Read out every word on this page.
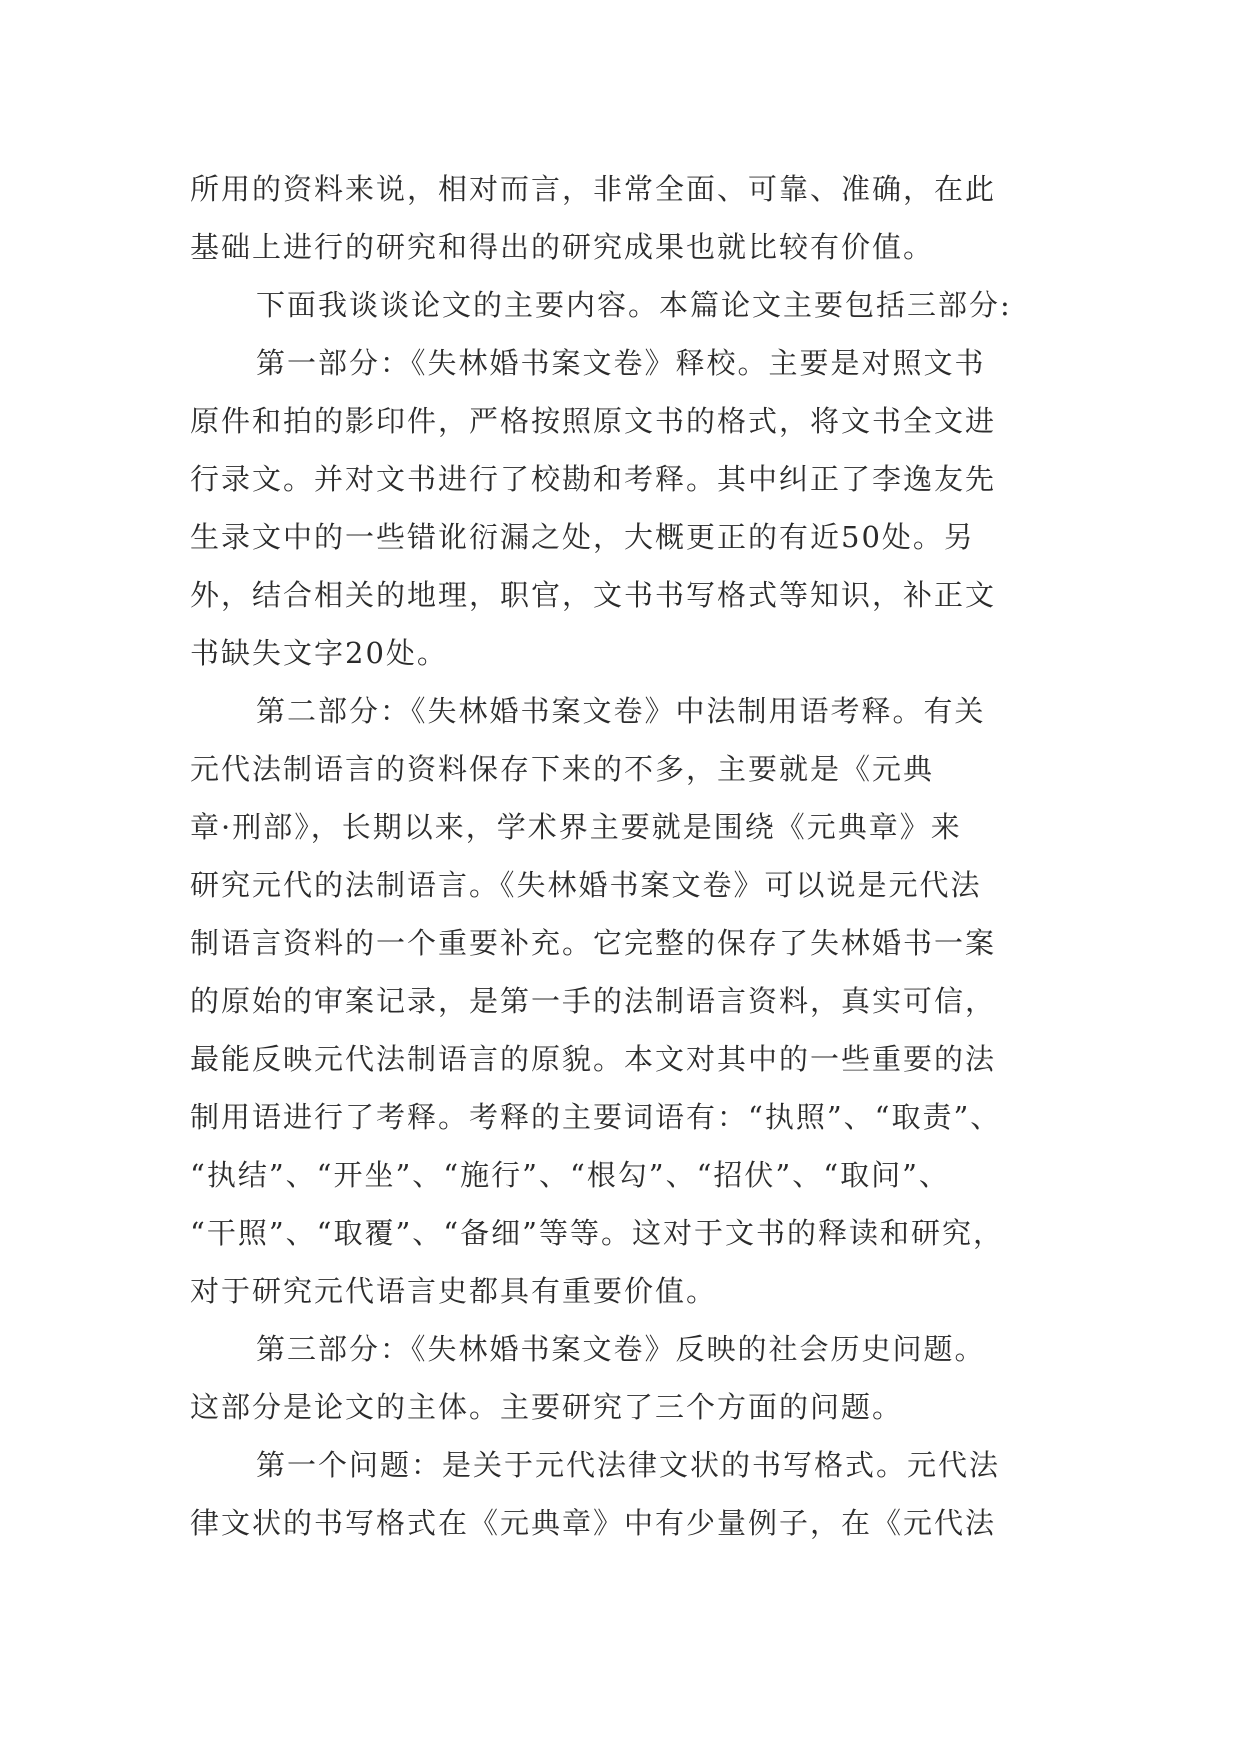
所用的资料来说，相对而言，非常全面、可靠、准确，在此
基础上进行的研究和得出的研究成果也就比较有价值。
下面我谈谈论文的主要内容。本篇论文主要包括三部分:
第一部分：《失林婚书案文卷》释校。主要是对照文书
原件和拍的影印件，严格按照原文书的格式，将文书全文进
行录文。并对文书进行了校勘和考释。其中纠正了李逸友先
生录文中的一些错讹衍漏之处，大概更正的有近50处。另
外，结合相关的地理，职官，文书书写格式等知识，补正文
书缺失文字20处。
第二部分：《失林婚书案文卷》中法制用语考释。有关
元代法制语言的资料保存下来的不多，主要就是《元典
章·刑部》，长期以来，学术界主要就是围绕《元典章》来
研究元代的法制语言。《失林婚书案文卷》可以说是元代法
制语言资料的一个重要补充。它完整的保存了失林婚书一案
的原始的审案记录，是第一手的法制语言资料，真实可信，
最能反映元代法制语言的原貌。本文对其中的一些重要的法
制用语进行了考释。考释的主要词语有：“执照”、“取责”、
“执结”、“开坐”、“施行”、“根勾”、“招伏”、“取问”、
“干照”、“取覆”、“备细”等等。这对于文书的释读和研究，
对于研究元代语言史都具有重要价值。
第三部分：《失林婚书案文卷》反映的社会历史问题。
这部分是论文的主体。主要研究了三个方面的问题。
第一个问题：是关于元代法律文状的书写格式。元代法
律文状的书写格式在《元典章》中有少量例子，在《元代法
